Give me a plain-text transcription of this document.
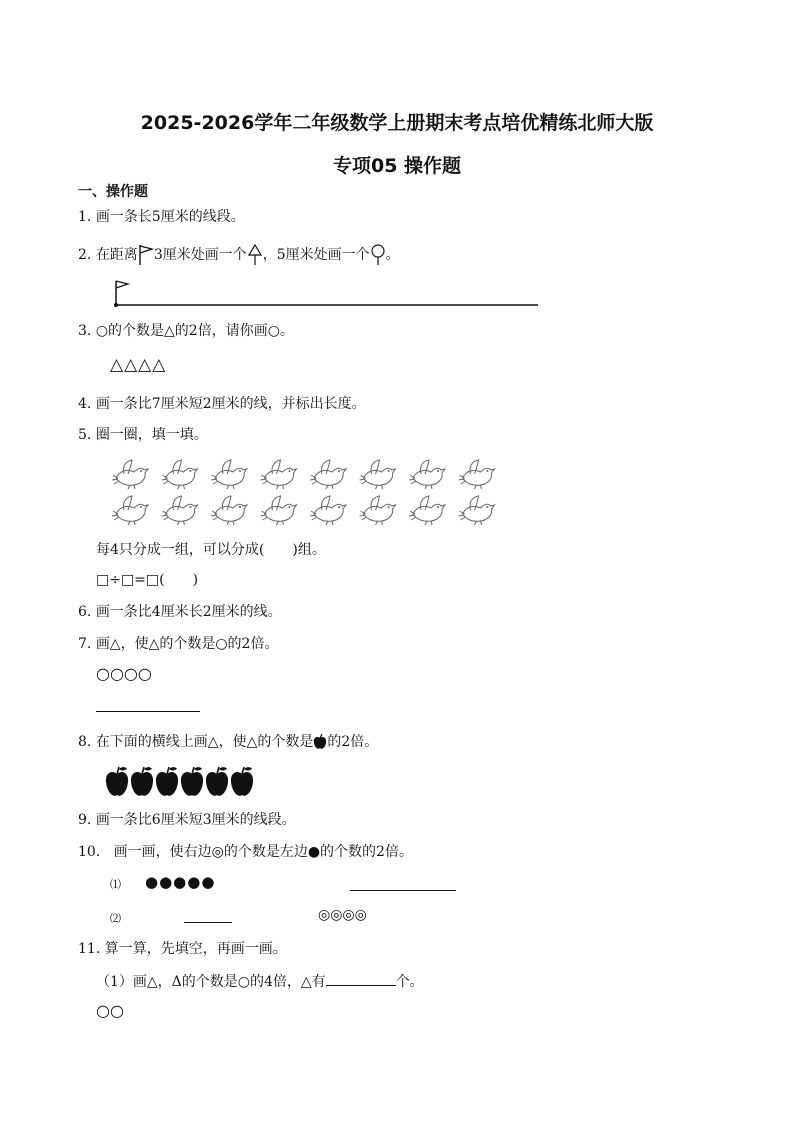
2025-2026学年二年级数学上册期末考点培优精练北师大版
专项05 操作题
一、操作题
1. 画一条长5厘米的线段。
2. 在距离 3厘米处画一个 ，5厘米处画一个 。
3. ○的个数是△的2倍，请你画○。
△△△△
4. 画一条比7厘米短2厘米的线，并标出长度。
5. 圈一圈，填一填。
每4只分成一组，可以分成( )组。
□÷□=□( )
6. 画一条比4厘米长2厘米的线。
7. 画△，使△的个数是○的2倍。
○○○○
8. 在下面的横线上画△，使△的个数是 的2倍。
9. 画一条比6厘米短3厘米的线段。
10. 画一画，使右边◎的个数是左边●的个数的2倍。
⑴ ●●●●●
⑵	◎◎◎◎
11. 算一算，先填空，再画一画。
（1）画△，Δ的个数是○的4倍，△有	个。
○○
